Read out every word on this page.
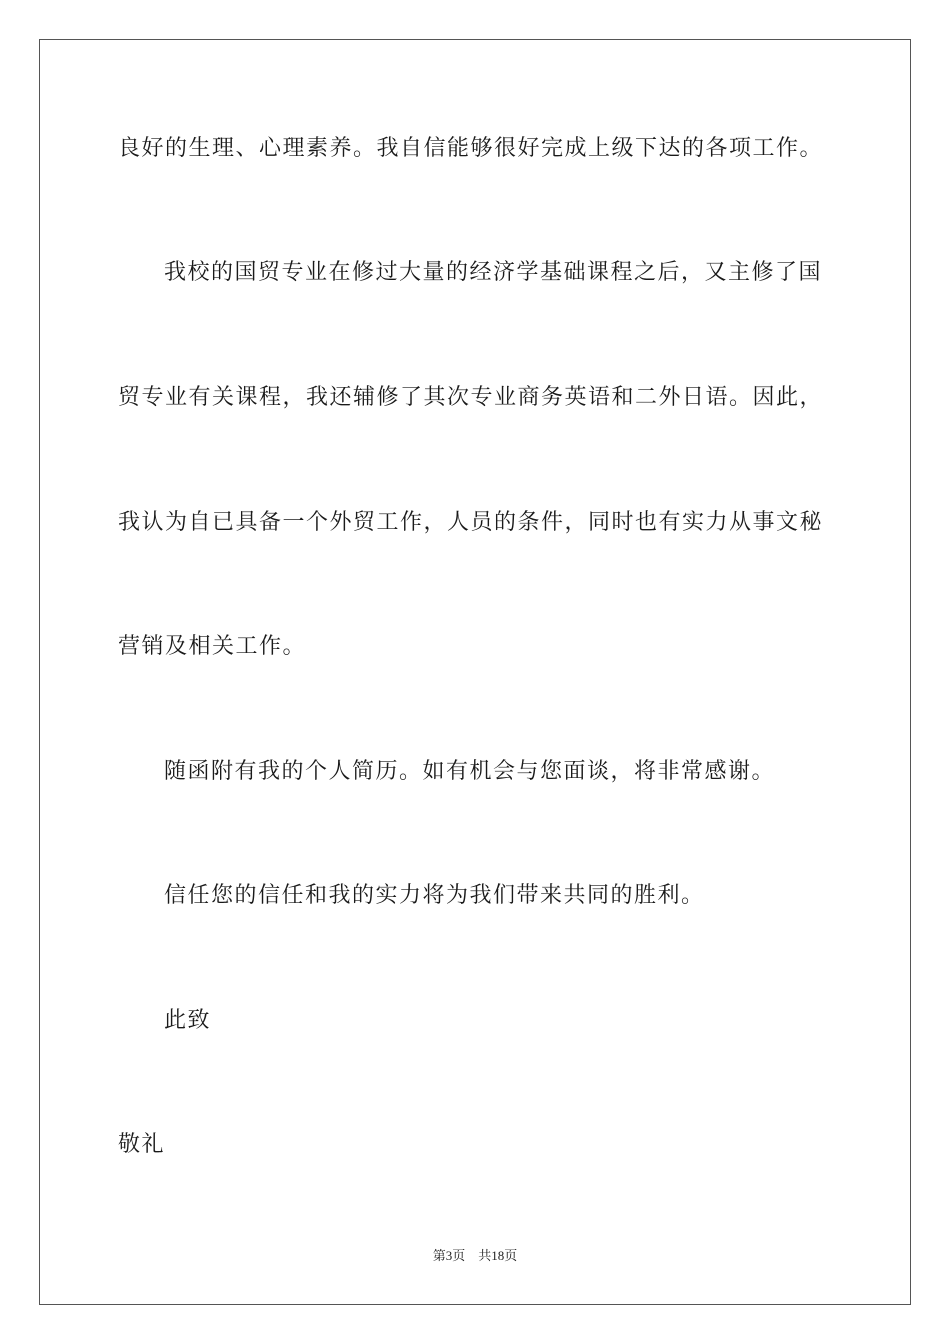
良好的生理、心理素养。我自信能够很好完成上级下达的各项工作。
我校的国贸专业在修过大量的经济学基础课程之后，又主修了国
贸专业有关课程，我还辅修了其次专业商务英语和二外日语。因此，
我认为自已具备一个外贸工作，人员的条件，同时也有实力从事文秘
营销及相关工作。
随函附有我的个人简历。如有机会与您面谈，将非常感谢。
信任您的信任和我的实力将为我们带来共同的胜利。
此致
敬礼
第3页 共18页
